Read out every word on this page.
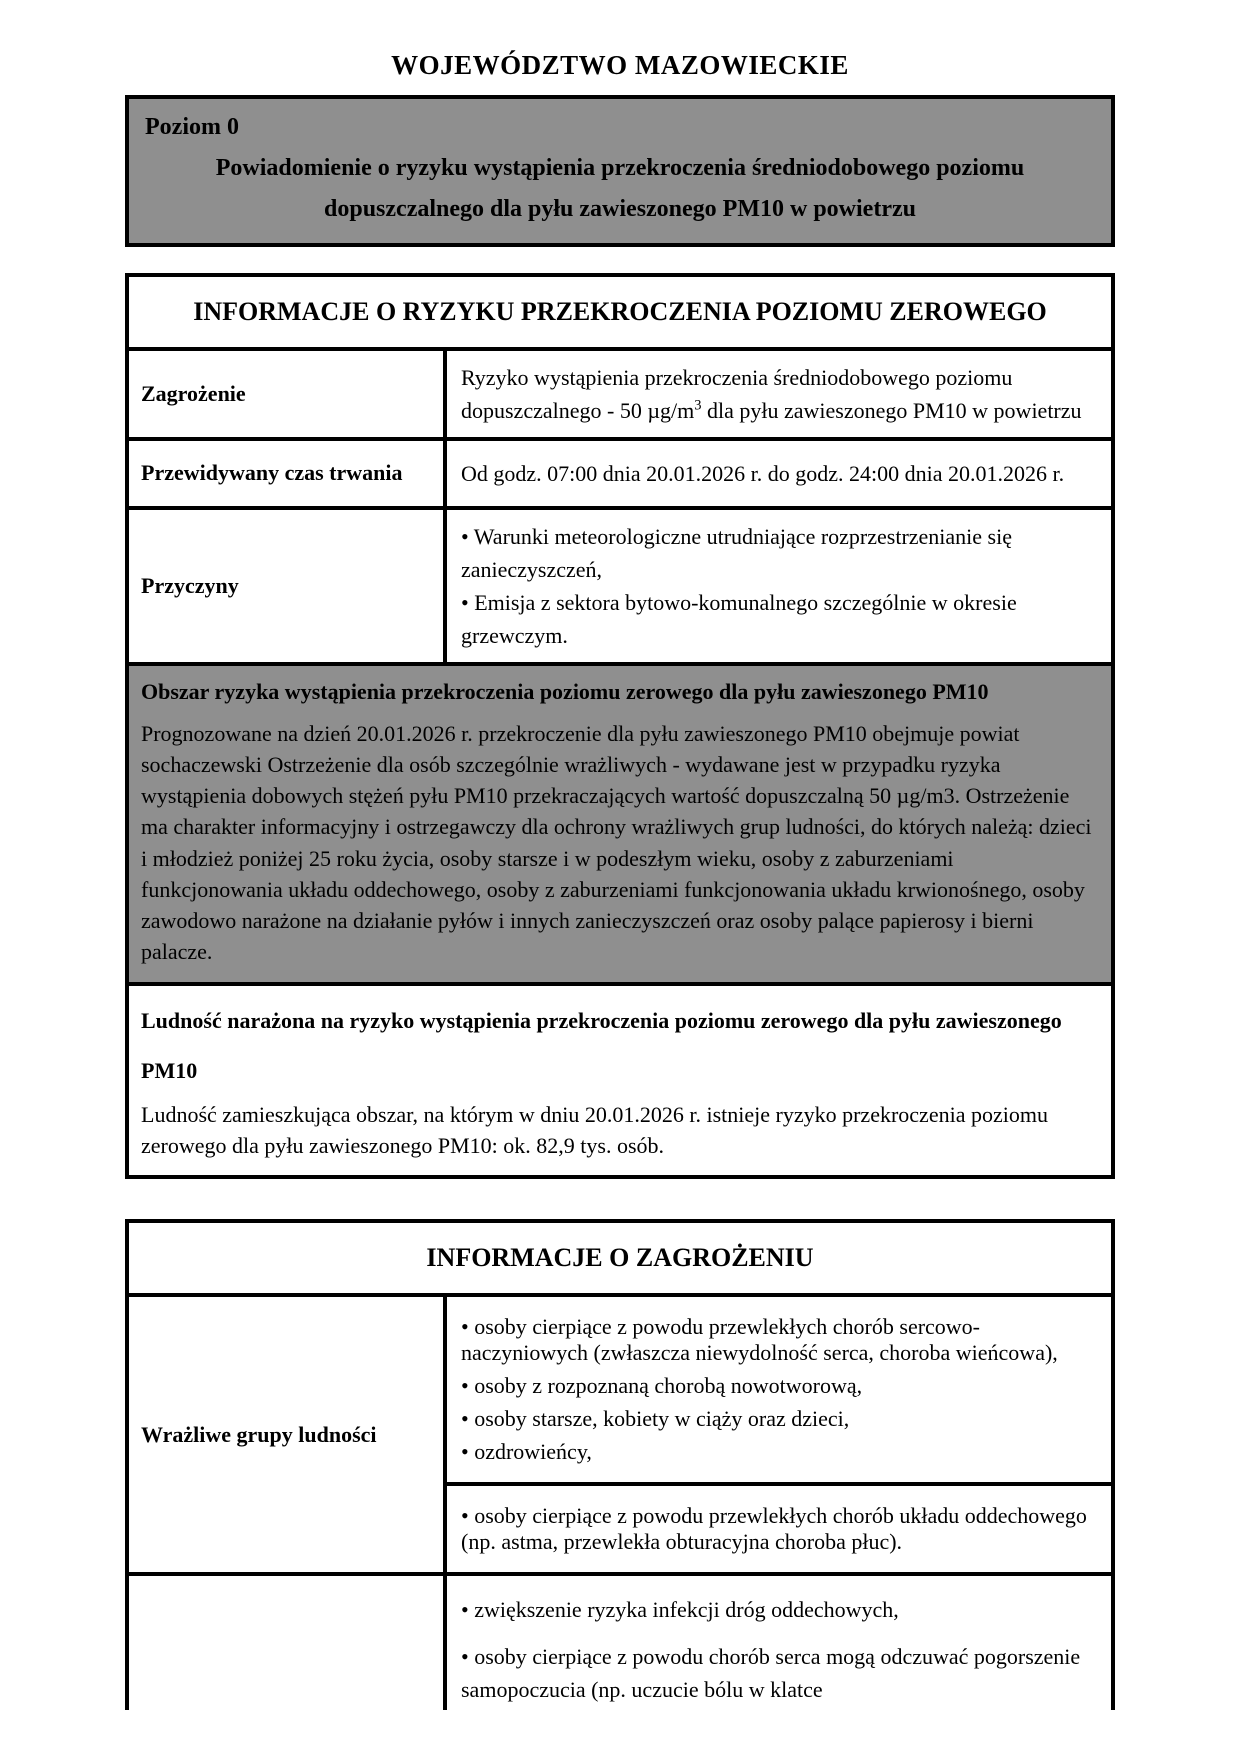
WOJEWÓDZTWO MAZOWIECKIE
Poziom 0
Powiadomienie o ryzyku wystąpienia przekroczenia średniodobowego poziomu dopuszczalnego dla pyłu zawieszonego PM10 w powietrzu
INFORMACJE O RYZYKU PRZEKROCZENIA POZIOMU ZEROWEGO
Zagrożenie

Ryzyko wystąpienia przekroczenia średniodobowego poziomu dopuszczalnego - 50 $\mu g/m^3$ dla pyłu zawieszonego PM10 w powietrzu

Przewidywany czas trwania	Od godz. 07:00 dnia 20.01.2026 r. do godz. 24:00 dnia 20.01.2026 r.

Przyczyny

• Warunki meteorologiczne utrudniające rozprzestrzenianie się zanieczyszczeń,

• Emisja z sektora bytowo-komunalnego szczególnie w okresie grzewczym.

Obszar ryzyka wystąpienia przekroczenia poziomu zerowego dla pyłu zawieszonego PM10
Prognozowane na dzień 20.01.2026 r. przekroczenie dla pyłu zawieszonego PM10 obejmuje powiat sochaczewski Ostrzeżenie dla osób szczególnie wrażliwych - wydawane jest w przypadku ryzyka wystąpienia dobowych stężeń pyłu PM10 przekraczających wartość dopuszczalną 50 µg/m3. Ostrzeżenie ma charakter informacyjny i ostrzegawczy dla ochrony wrażliwych grup ludności, do których należą: dzieci i młodzież poniżej 25 roku życia, osoby starsze i w podeszłym wieku, osoby z zaburzeniami funkcjonowania układu oddechowego, osoby z zaburzeniami funkcjonowania układu krwionośnego, osoby zawodowo narażone na działanie pyłów i innych zanieczyszczeń oraz osoby palące papierosy i bierni palacze.
Ludność narażona na ryzyko wystąpienia przekroczenia poziomu zerowego dla pyłu zawieszonego PM10
Ludność zamieszkująca obszar, na którym w dniu 20.01.2026 r. istnieje ryzyko przekroczenia poziomu zerowego dla pyłu zawieszonego PM10: ok. 82,9 tys. osób.
INFORMACJE O ZAGROŻENIU
Wrażliwe grupy ludności

• osoby cierpiące z powodu przewlekłych chorób sercowo-naczyniowych (zwłaszcza niewydolność serca, choroba wieńcowa),

• osoby z rozpoznaną chorobą nowotworową,

• osoby starsze, kobiety w ciąży oraz dzieci,

• ozdrowieńcy,

• osoby cierpiące z powodu przewlekłych chorób układu oddechowego (np. astma, przewlekła obturacyjna choroba płuc).

• zwiększenie ryzyka infekcji dróg oddechowych,

• osoby cierpiące z powodu chorób serca mogą odczuwać pogorszenie samopoczucia (np. uczucie bólu w klatce
